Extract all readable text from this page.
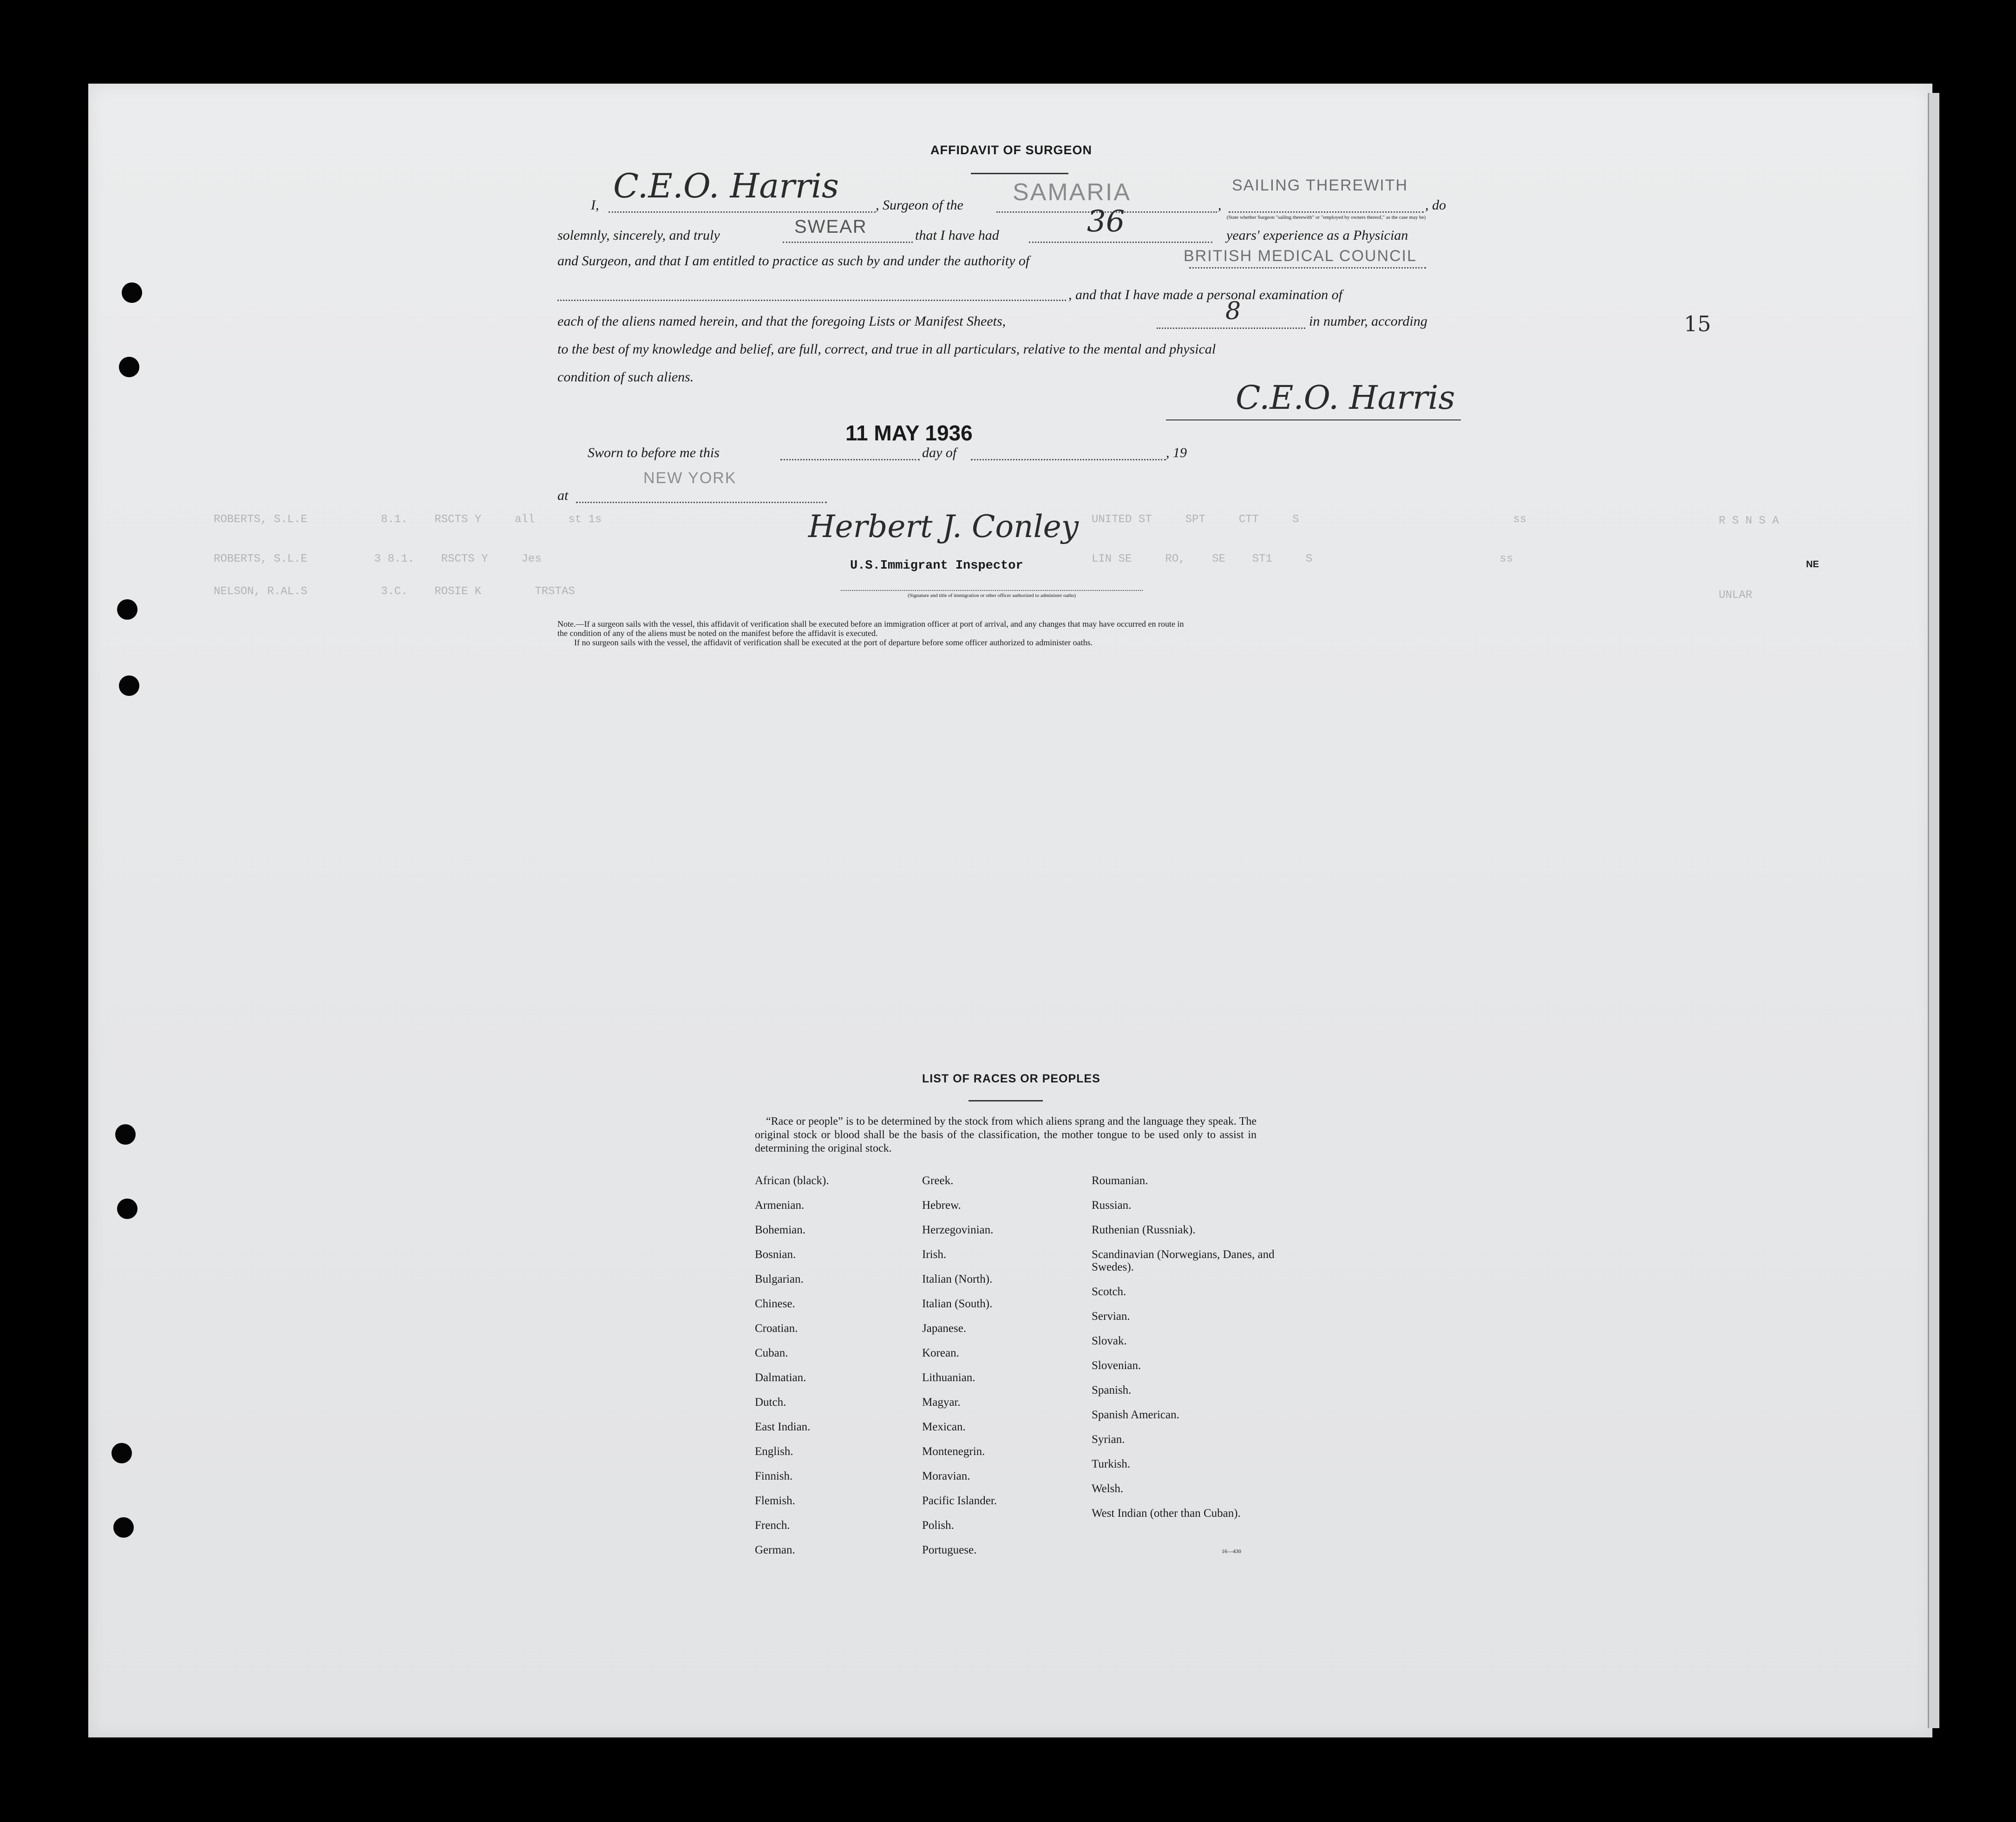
AFFIDAVIT OF SURGEON
I, C.E.O. Harris	, Surgeon of the SAMARIA	,
SAILING THEREWITH
(State whether Surgeon "sailing therewith" or "employed by owners thereof," as the case may be)
, do
solemnly, sincerely, and truly	SWEAR	that I have had	36	years' experience as a Physician
and Surgeon, and that I am entitled to practice as such by and under the authority of	BRITISH MEDICAL COUNCIL
, and that I have made a personal examination of
each of the aliens named herein, and that the foregoing Lists or Manifest Sheets,	8	in number, according
to the best of my knowledge and belief, are full, correct, and true in all particulars, relative to the mental and physical
condition of such aliens.
C.E.O. Harris
11 MAY 1936
Sworn to before me this	day of	, 19
at
NEW YORK
ROBERTS, S.L.E           8.1.    RSCTS Y     all     st 1s
ROBERTS, S.L.E          3 8.1.    RSCTS Y     Jes
NELSON, R.AL.S           3.C.    ROSIE K        TRSTAS
UNITED ST     SPT     CTT     S                                ss
LIN SE     RO,    SE    ST1     S                            ss
R S N S A
UNLAR
Herbert J. Conley
U.S.Immigrant Inspector
(Signature and title of immigration or other officer authorized to administer oaths)
Note.—If a surgeon sails with the vessel, this affidavit of verification shall be executed before an immigration officer at port of arrival, and any changes that may have occurred en route in
the condition of any of the aliens must be noted on the manifest before the affidavit is executed.
If no surgeon sails with the vessel, the affidavit of verification shall be executed at the port of departure before some officer authorized to administer oaths.
15
NE
LIST OF RACES OR PEOPLES
“Race or people” is to be determined by the stock from which aliens sprang and the language they speak. The original stock or blood shall be the basis of the classification, the mother tongue to be used only to assist in determining the original stock.
African (black).
Armenian.
Bohemian.
Bosnian.
Bulgarian.
Chinese.
Croatian.
Cuban.
Dalmatian.
Dutch.
East Indian.
English.
Finnish.
Flemish.
French.
German.
Greek.
Hebrew.
Herzegovinian.
Irish.
Italian (North).
Italian (South).
Japanese.
Korean.
Lithuanian.
Magyar.
Mexican.
Montenegrin.
Moravian.
Pacific Islander.
Polish.
Portuguese.
Roumanian.
Russian.
Ruthenian (Russniak).
Scandinavian (Norwegians, Danes, and Swedes).
Scotch.
Servian.
Slovak.
Slovenian.
Spanish.
Spanish American.
Syrian.
Turkish.
Welsh.
West Indian (other than Cuban).
16—430
